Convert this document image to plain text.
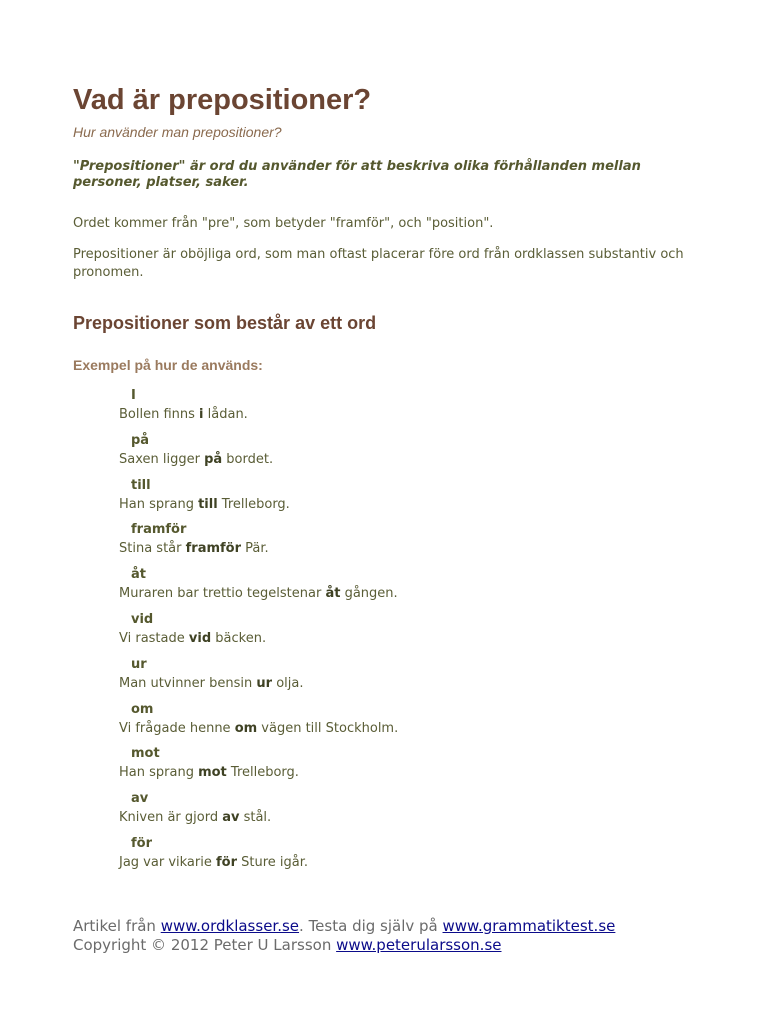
Vad är prepositioner?

Hur använder man prepositioner?

"Prepositioner" är ord du använder för att beskriva olika förhållanden mellan personer, platser, saker.

Ordet kommer från "pre", som betyder "framför", och "position".

Prepositioner är oböjliga ord, som man oftast placerar före ord från ordklassen substantiv och pronomen.

Prepositioner som består av ett ord
Exempel på hur de används:
I
Bollen finns i lådan.
på
Saxen ligger på bordet.
till
Han sprang till Trelleborg.
framför
Stina står framför Pär.
åt
Muraren bar trettio tegelstenar åt gången.
vid
Vi rastade vid bäcken.
ur
Man utvinner bensin ur olja.
om
Vi frågade henne om vägen till Stockholm.
mot
Han sprang mot Trelleborg.
av
Kniven är gjord av stål.
för
Jag var vikarie för Sture igår.
Artikel från www.ordklasser.se. Testa dig själv på www.grammatiktest.se
Copyright © 2012 Peter U Larsson www.peterularsson.se
